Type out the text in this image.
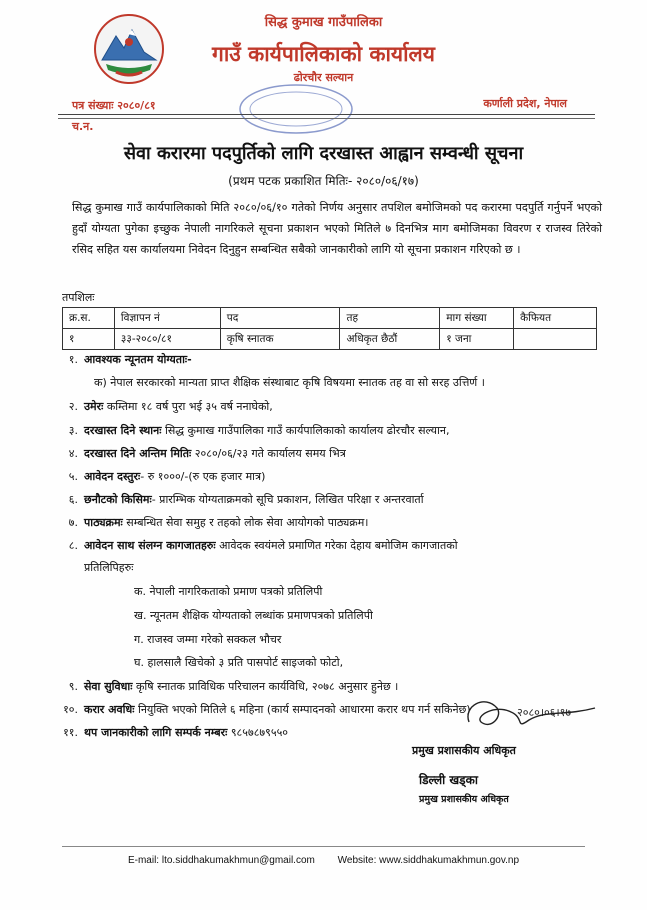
सिद्ध कुमाख गाउँपालिका
गाउँ कार्यपालिकाको कार्यालय
ढोरचौर सल्यान
पत्र संख्याः २०८०/८१
च.न.
कर्णाली प्रदेश, नेपाल
सेवा करारमा पदपुर्तिको लागि दरखास्त आह्वान सम्वन्धी सूचना
(प्रथम पटक प्रकाशित मितिः- २०८०/०६/१७)
सिद्ध कुमाख गाउँ कार्यपालिकाको मिति २०८०/०६/१० गतेको निर्णय अनुसार तपशिल बमोजिमको पद करारमा पदपुर्ति गर्नुपर्ने भएको हुदाँ योग्यता पुगेका इच्छुक नेपाली नागरिकले सूचना प्रकाशन भएको मितिले ७ दिनभित्र माग बमोजिमका विवरण र राजस्व तिरेको रसिद सहित यस कार्यालयमा निवेदन दिनुहुन सम्बन्धित सबैको जानकारीको लागि यो सूचना प्रकाशन गरिएको छ ।
तपशिलः
क्र.स.	विज्ञापन नं	पद	तह	माग संख्या	कैफियत
१	३३-२०८०/८१	कृषि स्नातक	अधिकृत छैठौं	१ जना	
१. आवश्यक न्यूनतम योग्यताः-
क) नेपाल सरकारको मान्यता प्राप्त शैक्षिक संस्थाबाट कृषि विषयमा स्नातक तह वा सो सरह उत्तिर्ण ।
२. उमेरः कम्तिमा १८ वर्ष पुरा भई ३५ वर्ष ननाघेको,
३. दरखास्त दिने स्थानः सिद्ध कुमाख गाउँपालिका गाउँ कार्यपालिकाको कार्यालय ढोरचौर सल्यान,
४. दरखास्त दिने अन्तिम मितिः २०८०/०६/२३ गते कार्यालय समय भित्र
५. आवेदन दस्तुरः- रु १०००/-(रु एक हजार मात्र)
६. छनौटको किसिमः- प्रारम्भिक योग्यताक्रमको सूचि प्रकाशन, लिखित परिक्षा र अन्तरवार्ता
७. पाठ्यक्रमः सम्बन्धित सेवा समुह र तहको लोक सेवा आयोगको पाठ्यक्रम।
८. आवेदन साथ संलग्न कागजातहरुः आवेदक स्वयंमले प्रमाणित गरेका देहाय बमोजिम कागजातको
प्रतिलिपिहरुः
क. नेपाली नागरिकताको प्रमाण पत्रको प्रतिलिपी
ख. न्यूनतम शैक्षिक योग्यताको लब्धांक प्रमाणपत्रको प्रतिलिपी
ग. राजस्व जम्मा गरेको सक्कल भौचर
घ. हालसालै खिचेको ३ प्रति पासपोर्ट साइजको फोटो,
९. सेवा सुविधाः कृषि स्नातक प्राविधिक परिचालन कार्यविधि, २०७८ अनुसार हुनेछ ।
१०. करार अवधिः नियुक्ति भएको मितिले ६ महिना (कार्य सम्पादनको आधारमा करार थप गर्न सकिनेछ)
११. थप जानकारीको लागि सम्पर्क नम्बरः ९८५७८७९५५०
२०८०।०६।१७
प्रमुख प्रशासकीय अधिकृत
डिल्ली खड्का
प्रमुख प्रशासकीय अधिकृत
E-mail: lto.siddhakumakhmun@gmail.com Website: www.siddhakumakhmun.gov.np
